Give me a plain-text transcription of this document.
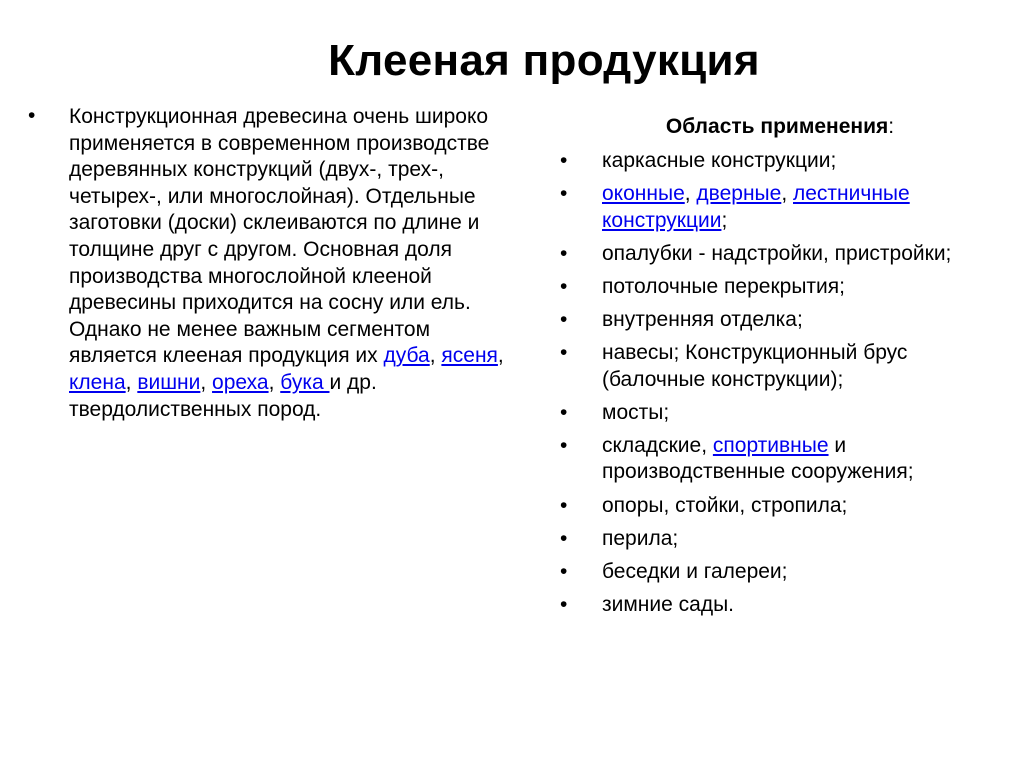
Клееная продукция
• Конструкционная древесина очень широко применяется в современном производстве деревянных конструкций (двух-, трех-, четырех-, или многослойная). Отдельные заготовки (доски) склеиваются по длине и толщине друг с другом. Основная доля производства многослойной клееной древесины приходится на сосну или ель. Однако не менее важным сегментом является клееная продукция их дуба, ясеня, клена, вишни, ореха, бука и др. твердолиственных пород.
Область применения:
• каркасные конструкции;
• оконные, дверные, лестничные конструкции;
• опалубки - надстройки, пристройки;
• потолочные перекрытия;
• внутренняя отделка;
• навесы; Конструкционный брус (балочные конструкции);
• мосты;
• складские, спортивные и производственные сооружения;
• опоры, стойки, стропила;
• перила;
• беседки и галереи;
• зимние сады.
